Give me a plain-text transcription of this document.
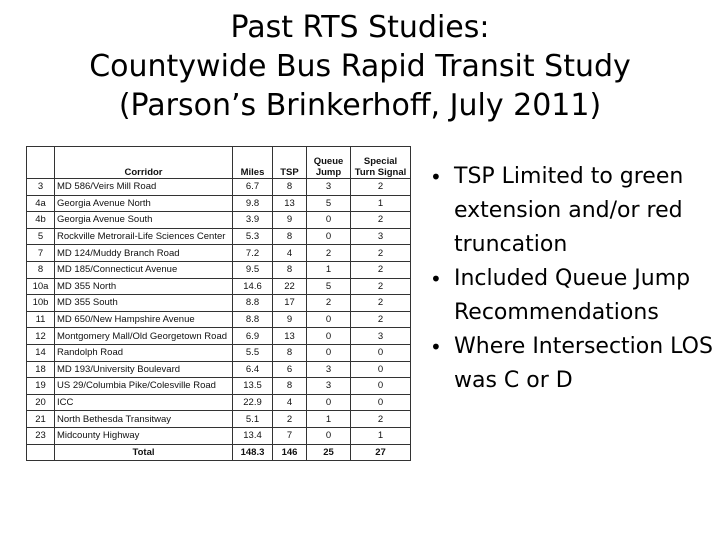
Past RTS Studies:
Countywide Bus Rapid Transit Study
(Parson’s Brinkerhoff, July 2011)
	Corridor	Miles	TSP	Queue Jump	Special Turn Signal
3	MD 586/Veirs Mill Road	6.7	8	3	2
4a	Georgia Avenue North	9.8	13	5	1
4b	Georgia Avenue South	3.9	9	0	2
5	Rockville Metrorail-Life Sciences Center	5.3	8	0	3
7	MD 124/Muddy Branch Road	7.2	4	2	2
8	MD 185/Connecticut Avenue	9.5	8	1	2
10a	MD 355 North	14.6	22	5	2
10b	MD 355 South	8.8	17	2	2
11	MD 650/New Hampshire Avenue	8.8	9	0	2
12	Montgomery Mall/Old Georgetown Road	6.9	13	0	3
14	Randolph Road	5.5	8	0	0
18	MD 193/University Boulevard	6.4	6	3	0
19	US 29/Columbia Pike/Colesville Road	13.5	8	3	0
20	ICC	22.9	4	0	0
21	North Bethesda Transitway	5.1	2	1	2
23	Midcounty Highway	13.4	7	0	1
	Total	148.3	146	25	27
• TSP Limited to green extension and/or red truncation
• Included Queue Jump Recommendations
• Where Intersection LOS was C or D
